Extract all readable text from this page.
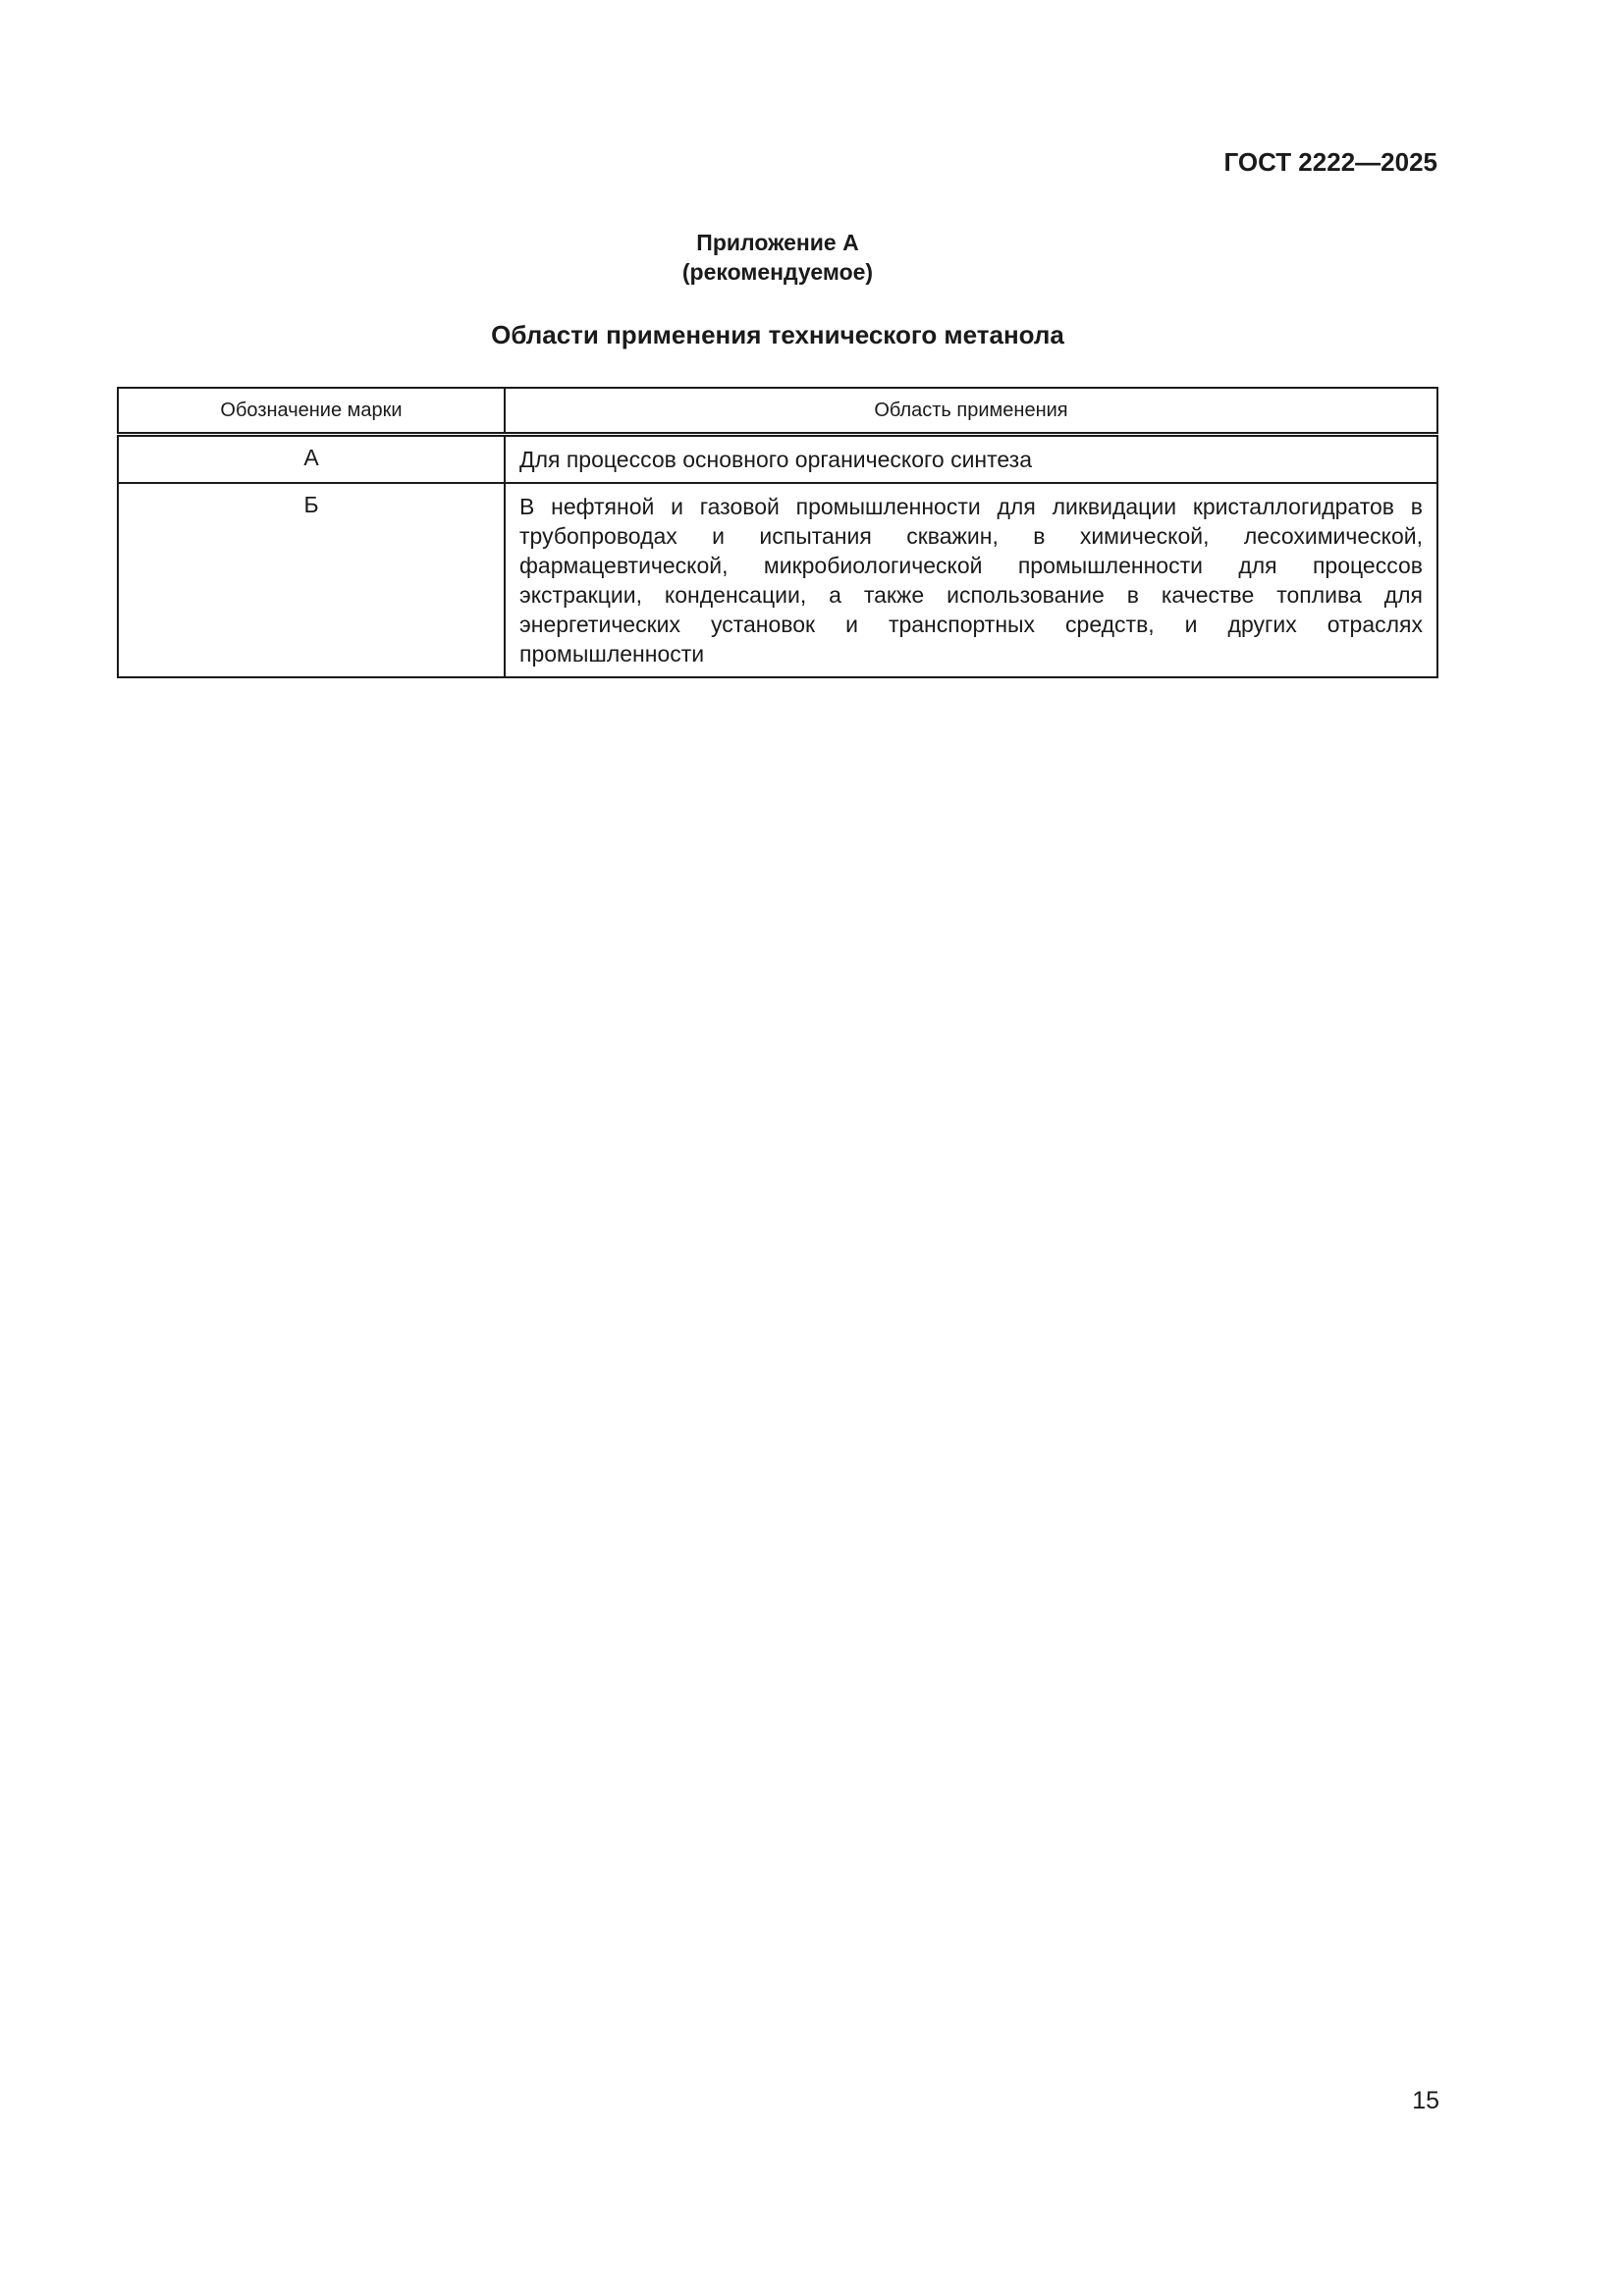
ГОСТ 2222—2025
Приложение А
(рекомендуемое)
Области применения технического метанола
Обозначение марки	Область применения
А	Для процессов основного органического синтеза
Б	В нефтяной и газовой промышленности для ликвидации кристаллогидратов в трубопроводах и испытания скважин, в химической, лесохимической, фармацевтической, микробиологической промышленности для процессов экстракции, конденсации, а также использование в качестве топлива для энергетических установок и транспортных средств, и других отраслях промышленности
15
